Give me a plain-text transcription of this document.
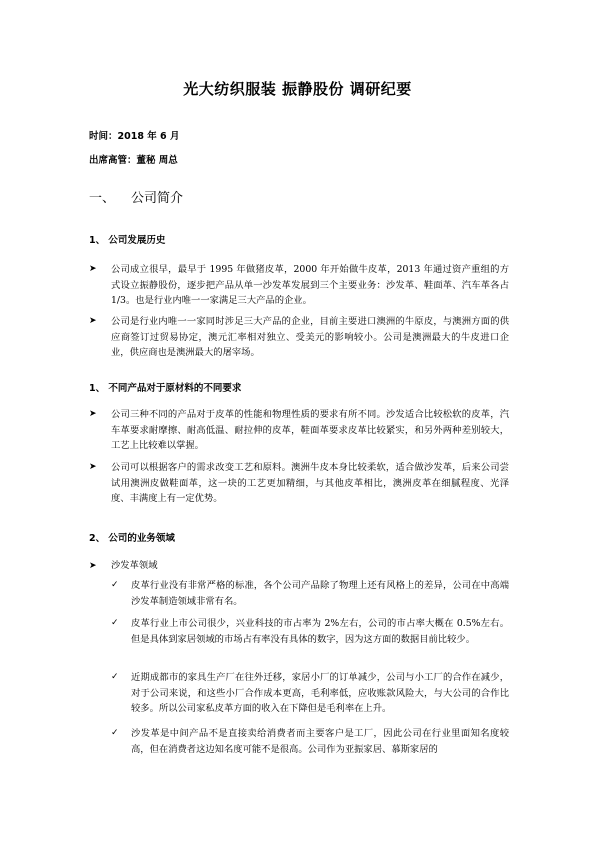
光大纺织服装 振静股份 调研纪要
时间：2018 年 6 月
出席高管：董秘 周总
一、 公司简介
1、 公司发展历史
➤ 公司成立很早，最早于 1995 年做猪皮革，2000 年开始做牛皮革，2013 年通过资产重组的方式设立振静股份，逐步把产品从单一沙发革发展到三个主要业务：沙发革、鞋面革、汽车革各占 1/3。也是行业内唯一一家满足三大产品的企业。
➤ 公司是行业内唯一一家同时涉足三大产品的企业，目前主要进口澳洲的牛原皮，与澳洲方面的供应商签订过贸易协定，澳元汇率相对独立、受美元的影响较小。公司是澳洲最大的牛皮进口企业，供应商也是澳洲最大的屠宰场。
1、 不同产品对于原材料的不同要求
➤ 公司三种不同的产品对于皮革的性能和物理性质的要求有所不同。沙发适合比较松软的皮革，汽车革要求耐摩擦、耐高低温、耐拉伸的皮革，鞋面革要求皮革比较紧实，和另外两种差别较大，工艺上比较难以掌握。
➤ 公司可以根据客户的需求改变工艺和原料。澳洲牛皮本身比较柔软，适合做沙发革，后来公司尝试用澳洲皮做鞋面革，这一块的工艺更加精细，与其他皮革相比，澳洲皮革在细腻程度、光泽度、丰满度上有一定优势。
2、 公司的业务领域
➤ 沙发革领域
✓ 皮革行业没有非常严格的标准，各个公司产品除了物理上还有风格上的差异，公司在中高端沙发革制造领域非常有名。
✓ 皮革行业上市公司很少，兴业科技的市占率为 2%左右，公司的市占率大概在 0.5%左右。但是具体到家居领域的市场占有率没有具体的数字，因为这方面的数据目前比较少。
✓ 近期成都市的家具生产厂在往外迁移，家居小厂的订单减少，公司与小工厂的合作在减少，对于公司来说，和这些小厂合作成本更高，毛利率低，应收账款风险大，与大公司的合作比较多。所以公司家私皮革方面的收入在下降但是毛利率在上升。
✓ 沙发革是中间产品不是直接卖给消费者而主要客户是工厂，因此公司在行业里面知名度较高，但在消费者这边知名度可能不是很高。公司作为亚振家居、慕斯家居的
